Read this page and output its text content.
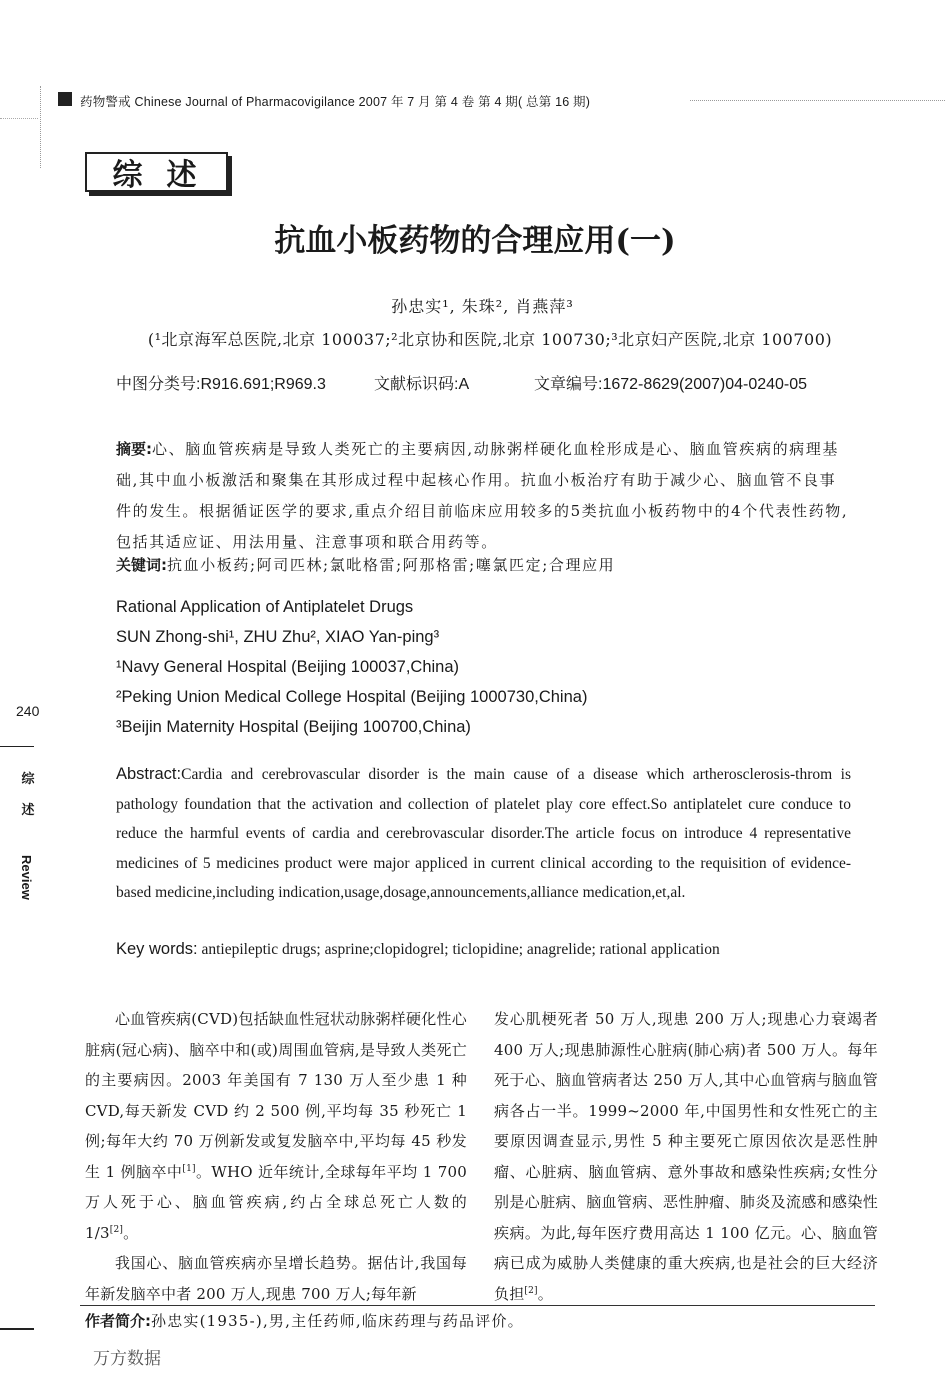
药物警戒 Chinese Journal of Pharmacovigilance 2007 年 7 月 第 4 卷 第 4 期( 总第 16 期)
综述
抗血小板药物的合理应用(一)
孙忠实¹, 朱珠², 肖燕萍³
(¹北京海军总医院,北京 100037;²北京协和医院,北京 100730;³北京妇产医院,北京 100700)
中图分类号:R916.691;R969.3	文献标识码:A	文章编号:1672-8629(2007)04-0240-05
摘要:心、脑血管疾病是导致人类死亡的主要病因,动脉粥样硬化血栓形成是心、脑血管疾病的病理基础,其中血小板激活和聚集在其形成过程中起核心作用。抗血小板治疗有助于减少心、脑血管不良事件的发生。根据循证医学的要求,重点介绍目前临床应用较多的5类抗血小板药物中的4个代表性药物,包括其适应证、用法用量、注意事项和联合用药等。
关键词:抗血小板药;阿司匹林;氯吡格雷;阿那格雷;噻氯匹定;合理应用
Rational Application of Antiplatelet Drugs
SUN Zhong-shi¹, ZHU Zhu², XIAO Yan-ping³
¹Navy General Hospital (Beijing 100037,China)
²Peking Union Medical College Hospital (Beijing 1000730,China)
³Beijin Maternity Hospital (Beijing 100700,China)
Abstract:Cardia and cerebrovascular disorder is the main cause of a disease which artherosclerosis-throm is pathology foundation that the activation and collection of platelet play core effect.So antiplatelet cure conduce to reduce the harmful events of cardia and cerebrovascular disorder.The article focus on introduce 4 representative medicines of 5 medicines product were major appliced in current clinical according to the requisition of evidence-based medicine,including indication,usage,dosage,announcements,alliance medication,et,al.
Key words: antiepileptic drugs; asprine;clopidogrel; ticlopidine; anagrelide; rational application
240
综述
Review

心血管疾病(CVD)包括缺血性冠状动脉粥样硬化性心脏病(冠心病)、脑卒中和(或)周围血管病,是导致人类死亡的主要病因。2003 年美国有 7 130 万人至少患 1 种 CVD,每天新发 CVD 约 2 500 例,平均每 35 秒死亡 1 例;每年大约 70 万例新发或复发脑卒中,平均每 45 秒发生 1 例脑卒中[1]。WHO 近年统计,全球每年平均 1 700 万人死于心、脑血管疾病,约占全球总死亡人数的 1/3[2]。

我国心、脑血管疾病亦呈增长趋势。据估计,我国每年新发脑卒中者 200 万人,现患 700 万人;每年新

发心肌梗死者 50 万人,现患 200 万人;现患心力衰竭者 400 万人;现患肺源性心脏病(肺心病)者 500 万人。每年死于心、脑血管病者达 250 万人,其中心血管病与脑血管病各占一半。1999~2000 年,中国男性和女性死亡的主要原因调查显示,男性 5 种主要死亡原因依次是恶性肿瘤、心脏病、脑血管病、意外事故和感染性疾病;女性分别是心脏病、脑血管病、恶性肿瘤、肺炎及流感和感染性疾病。为此,每年医疗费用高达 1 100 亿元。心、脑血管病已成为威胁人类健康的重大疾病,也是社会的巨大经济负担[2]。

作者简介:孙忠实(1935-),男,主任药师,临床药理与药品评价。
万方数据
